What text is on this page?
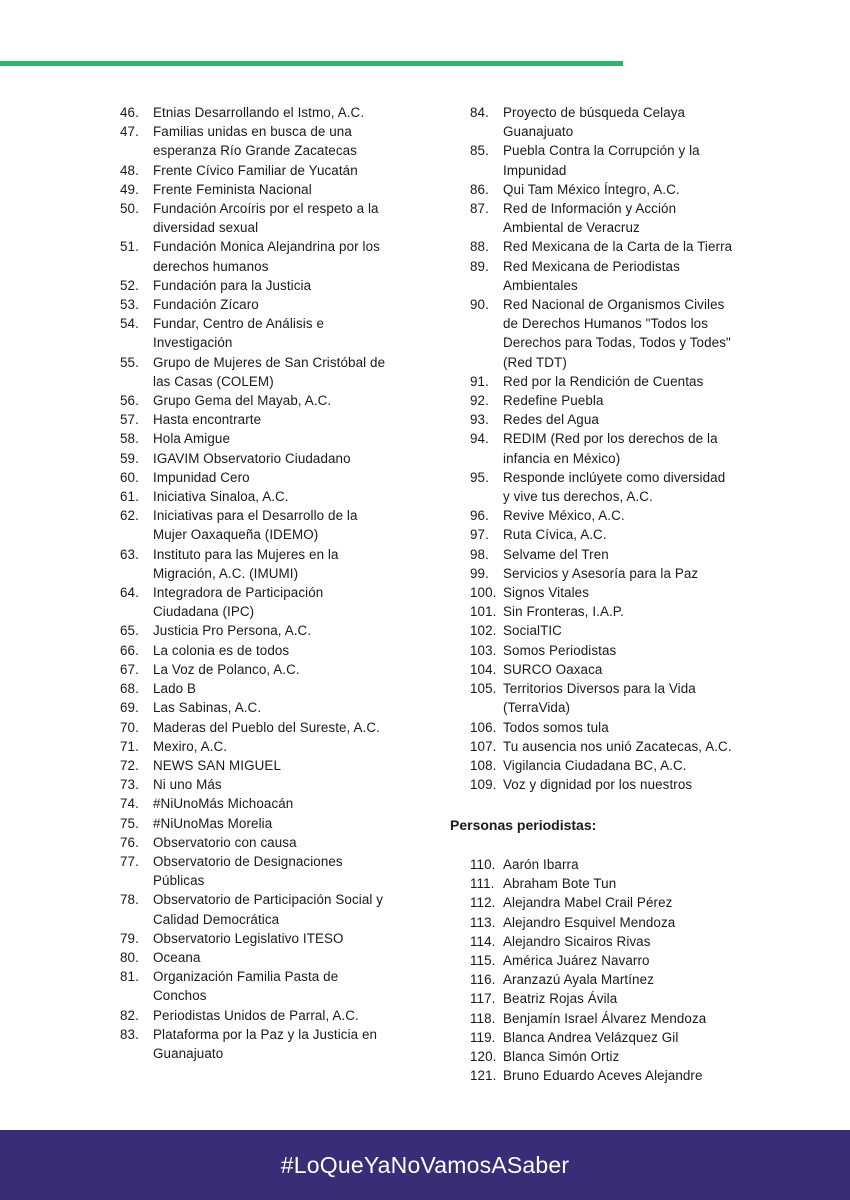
46.	Etnias Desarrollando el Istmo, A.C.
47.	Familias unidas en busca de una
esperanza Río Grande Zacatecas
48.	Frente Cívico Familiar de Yucatán
49.	Frente Feminista Nacional
50.	Fundación Arcoíris por el respeto a la
diversidad sexual
51.	Fundación Monica Alejandrina por los
derechos humanos
52.	Fundación para la Justicia
53.	Fundación Zícaro
54.	Fundar, Centro de Análisis e
Investigación
55.	Grupo de Mujeres de San Cristóbal de
las Casas (COLEM)
56.	Grupo Gema del Mayab, A.C.
57.	Hasta encontrarte
58.	Hola Amigue
59.	IGAVIM Observatorio Ciudadano
60.	Impunidad Cero
61.	Iniciativa Sinaloa, A.C.
62.	Iniciativas para el Desarrollo de la
Mujer Oaxaqueña (IDEMO)
63.	Instituto para las Mujeres en la
Migración, A.C. (IMUMI)
64.	Integradora de Participación
Ciudadana (IPC)
65.	Justicia Pro Persona, A.C.
66.	La colonia es de todos
67.	La Voz de Polanco, A.C.
68.	Lado B
69.	Las Sabinas, A.C.
70.	Maderas del Pueblo del Sureste, A.C.
71.	Mexiro, A.C.
72.	NEWS SAN MIGUEL
73.	Ni uno Más
74.	#NiUnoMás Michoacán
75.	#NiUnoMas Morelia
76.	Observatorio con causa
77.	Observatorio de Designaciones
Públicas
78.	Observatorio de Participación Social y
Calidad Democrática
79.	Observatorio Legislativo ITESO
80.	Oceana
81.	Organización Familia Pasta de
Conchos
82.	Periodistas Unidos de Parral, A.C.
83.	Plataforma por la Paz y la Justicia en
Guanajuato
84.	Proyecto de búsqueda Celaya
Guanajuato
85.	Puebla Contra la Corrupción y la
Impunidad
86.	Qui Tam México Íntegro, A.C.
87.	Red de Información y Acción
Ambiental de Veracruz
88.	Red Mexicana de la Carta de la Tierra
89.	Red Mexicana de Periodistas
Ambientales
90.	Red Nacional de Organismos Civiles
de Derechos Humanos "Todos los
Derechos para Todas, Todos y Todes"
(Red TDT)
91.	Red por la Rendición de Cuentas
92.	Redefine Puebla
93.	Redes del Agua
94.	REDIM (Red por los derechos de la
infancia en México)
95.	Responde inclúyete como diversidad
y vive tus derechos, A.C.
96.	Revive México, A.C.
97.	Ruta Cívica, A.C.
98.	Selvame del Tren
99.	Servicios y Asesoría para la Paz
100. Signos Vitales
101. Sin Fronteras, I.A.P.
102. SocialTIC
103. Somos Periodistas
104. SURCO Oaxaca
105. Territorios Diversos para la Vida
(TerraVida)
106. Todos somos tula
107. Tu ausencia nos unió Zacatecas, A.C.
108. Vigilancia Ciudadana BC, A.C.
109. Voz y dignidad por los nuestros
Personas periodistas:
110. Aarón Ibarra
111. Abraham Bote Tun
112. Alejandra Mabel Crail Pérez
113. Alejandro Esquivel Mendoza
114. Alejandro Sicairos Rivas
115. América Juárez Navarro
116. Aranzazú Ayala Martínez
117. Beatriz Rojas Ávila
118. Benjamín Israel Álvarez Mendoza
119. Blanca Andrea Velázquez Gil
120. Blanca Simón Ortiz
121. Bruno Eduardo Aceves Alejandre
#LoQueYaNoVamosASaber
